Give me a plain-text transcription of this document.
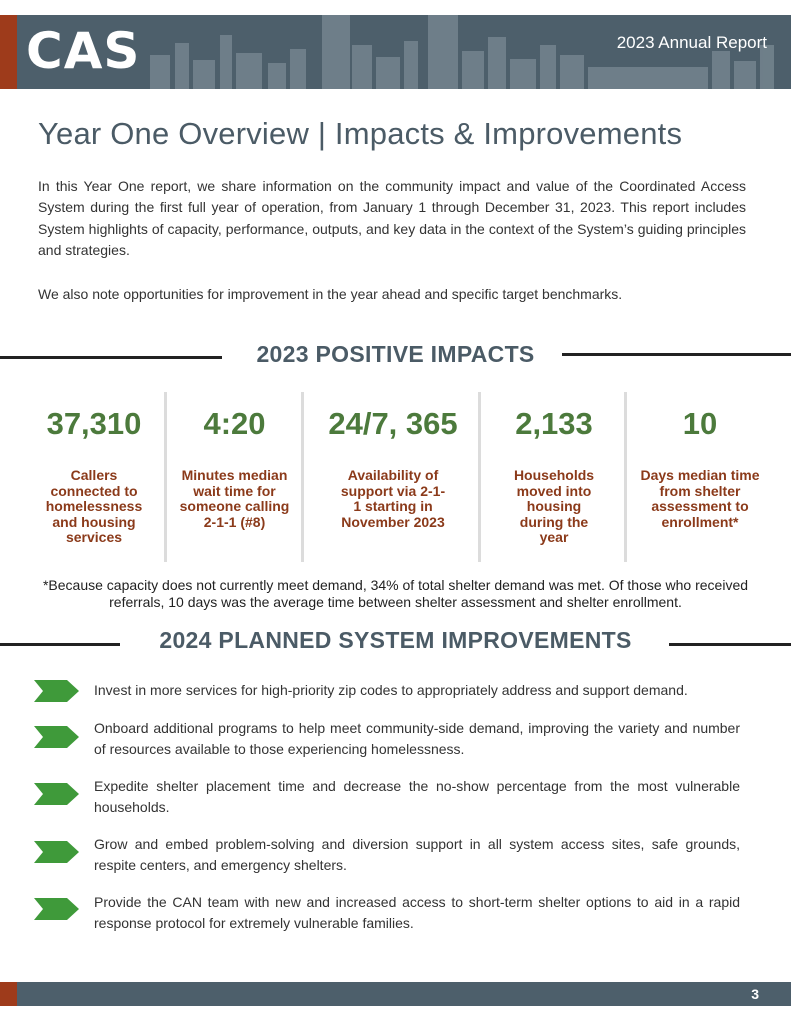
CAS	2023 Annual Report
Year One Overview | Impacts & Improvements

In this Year One report, we share information on the community impact and value of the Coordinated Access System during the first full year of operation, from January 1 through December 31, 2023. This report includes System highlights of capacity, performance, outputs, and key data in the context of the System’s guiding principles and strategies.

We also note opportunities for improvement in the year ahead and specific target benchmarks.

2023 POSITIVE IMPACTS
37,310
Callers connected to homelessness and housing services
4:20
Minutes median wait time for someone calling 2-1-1 (#8)
24/7, 365
Availability of support via 2-1-1 starting in November 2023
2,133
Households moved into housing during the year
10
Days median time from shelter assessment to enrollment*

*Because capacity does not currently meet demand, 34% of total shelter demand was met. Of those who received referrals, 10 days was the average time between shelter assessment and shelter enrollment.

2024 PLANNED SYSTEM IMPROVEMENTS

Invest in more services for high-priority zip codes to appropriately address and support demand.

Onboard additional programs to help meet community-side demand, improving the variety and number of resources available to those experiencing homelessness.

Expedite shelter placement time and decrease the no-show percentage from the most vulnerable households.

Grow and embed problem-solving and diversion support in all system access sites, safe grounds, respite centers, and emergency shelters.

Provide the CAN team with new and increased access to short-term shelter options to aid in a rapid response protocol for extremely vulnerable families.

3
